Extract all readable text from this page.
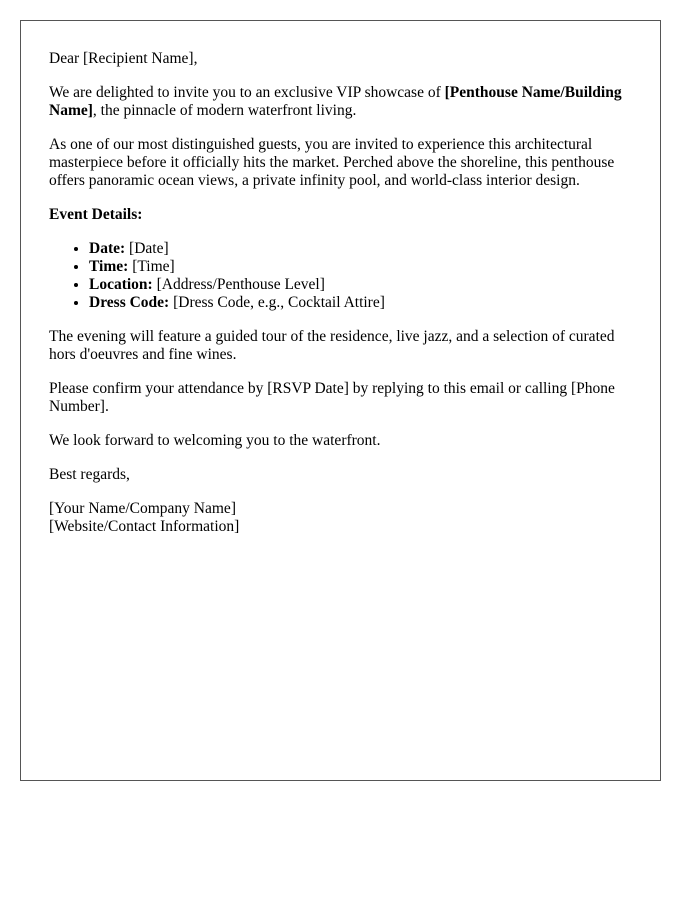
Dear [Recipient Name],

We are delighted to invite you to an exclusive VIP showcase of [Penthouse Name/Building Name], the pinnacle of modern waterfront living.

As one of our most distinguished guests, you are invited to experience this architectural masterpiece before it officially hits the market. Perched above the shoreline, this penthouse offers panoramic ocean views, a private infinity pool, and world-class interior design.

Event Details:

• Date: [Date]
• Time: [Time]
• Location: [Address/Penthouse Level]
• Dress Code: [Dress Code, e.g., Cocktail Attire]

The evening will feature a guided tour of the residence, live jazz, and a selection of curated hors d'oeuvres and fine wines.

Please confirm your attendance by [RSVP Date] by replying to this email or calling [Phone Number].

We look forward to welcoming you to the waterfront.

Best regards,

[Your Name/Company Name]
[Website/Contact Information]
